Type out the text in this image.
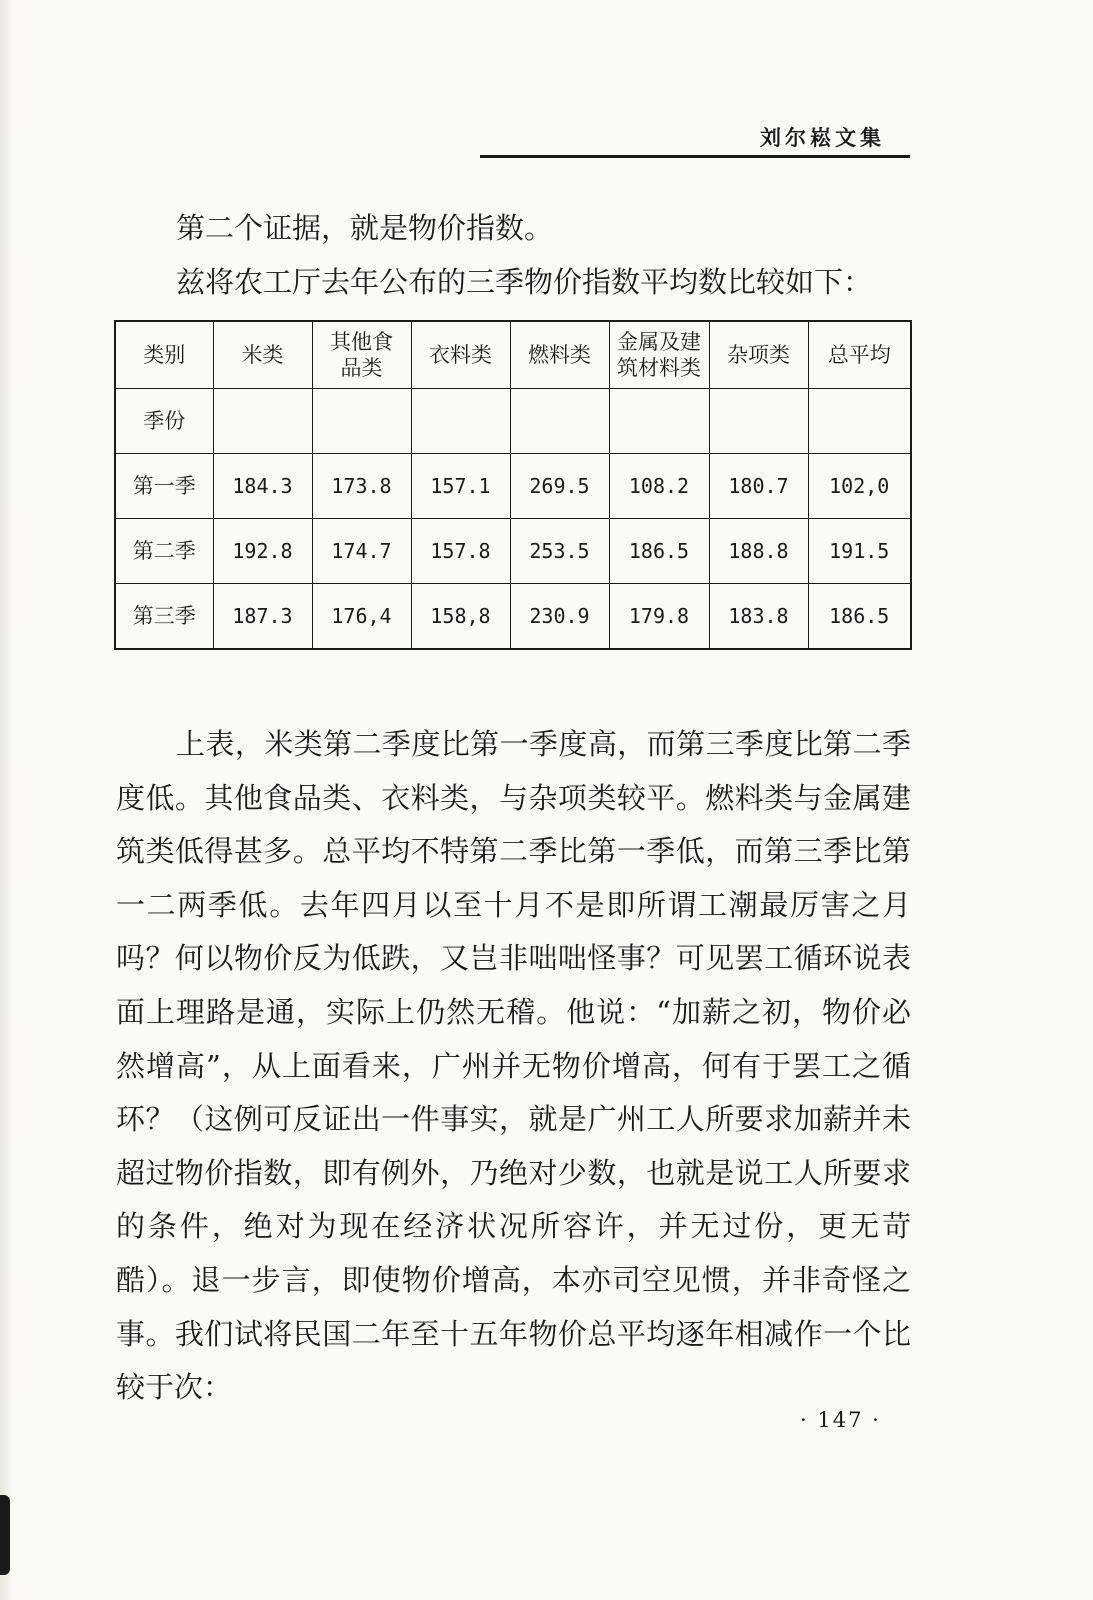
刘尔崧文集

第二个证据，就是物价指数。

兹将农工厅去年公布的三季物价指数平均数比较如下：

类别	米类	其他食品类	衣料类	燃料类	金属及建筑材料类	杂项类	总平均
季份							
第一季	184.3	173.8	157.1	269.5	108.2	180.7	102,0
第二季	192.8	174.7	157.8	253.5	186.5	188.8	191.5
第三季	187.3	176,4	158,8	230.9	179.8	183.8	186.5

上表，米类第二季度比第一季度高，而第三季度比第二季度低。其他食品类、衣料类，与杂项类较平。燃料类与金属建筑类低得甚多。总平均不特第二季比第一季低，而第三季比第一二两季低。去年四月以至十月不是即所谓工潮最厉害之月吗？何以物价反为低跌，又岂非咄咄怪事？可见罢工循环说表面上理路是通，实际上仍然无稽。他说：“加薪之初，物价必然增高”，从上面看来，广州并无物价增高，何有于罢工之循环？（这例可反证出一件事实，就是广州工人所要求加薪并未超过物价指数，即有例外，乃绝对少数，也就是说工人所要求的条件，绝对为现在经济状况所容许，并无过份，更无苛酷）。退一步言，即使物价增高，本亦司空见惯，并非奇怪之事。我们试将民国二年至十五年物价总平均逐年相减作一个比较于次：

· 147 ·
